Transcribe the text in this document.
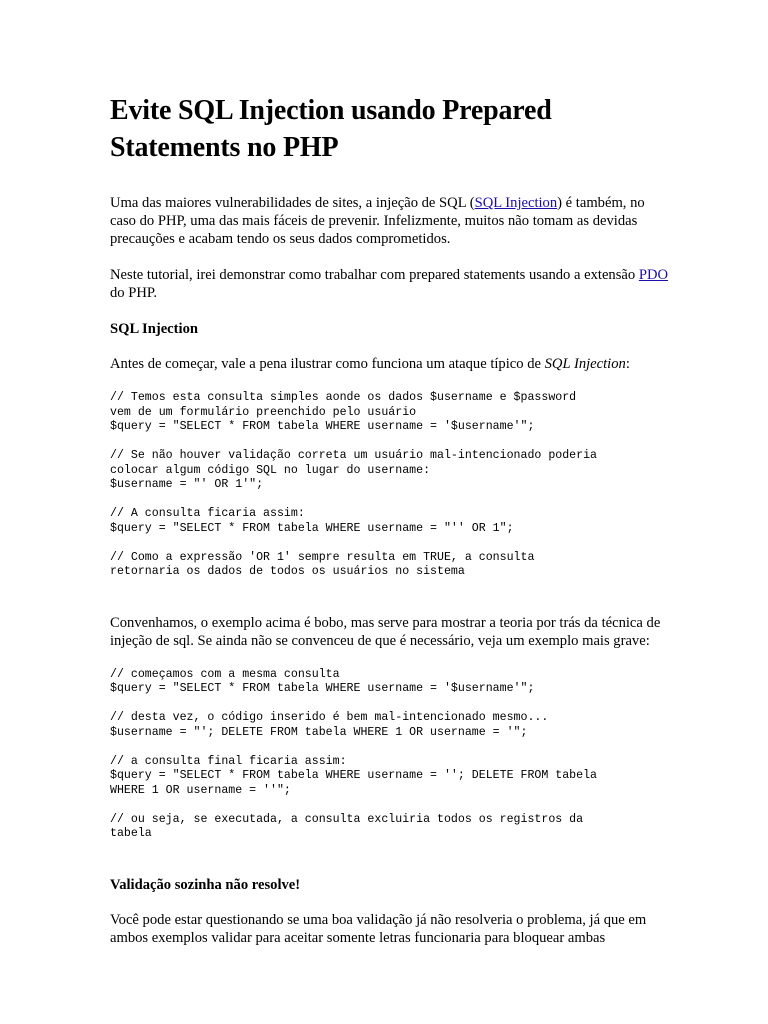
Evite SQL Injection usando Prepared Statements no PHP

Uma das maiores vulnerabilidades de sites, a injeção de SQL (SQL Injection) é também, no caso do PHP, uma das mais fáceis de prevenir. Infelizmente, muitos não tomam as devidas precauções e acabam tendo os seus dados comprometidos.

Neste tutorial, irei demonstrar como trabalhar com prepared statements usando a extensão PDO do PHP.

SQL Injection

Antes de começar, vale a pena ilustrar como funciona um ataque típico de SQL Injection:

// Temos esta consulta simples aonde os dados $username e $password
vem de um formulário preenchido pelo usuário
$query = "SELECT * FROM tabela WHERE username = '$username'";
// Se não houver validação correta um usuário mal-intencionado poderia
colocar algum código SQL no lugar do username:
$username = "' OR 1'";
// A consulta ficaria assim:
$query = "SELECT * FROM tabela WHERE username = "'' OR 1";
// Como a expressão 'OR 1' sempre resulta em TRUE, a consulta
retornaria os dados de todos os usuários no sistema

Convenhamos, o exemplo acima é bobo, mas serve para mostrar a teoria por trás da técnica de injeção de sql. Se ainda não se convenceu de que é necessário, veja um exemplo mais grave:

// começamos com a mesma consulta
$query = "SELECT * FROM tabela WHERE username = '$username'";
// desta vez, o código inserido é bem mal-intencionado mesmo...
$username = "'; DELETE FROM tabela WHERE 1 OR username = '";
// a consulta final ficaria assim:
$query = "SELECT * FROM tabela WHERE username = ''; DELETE FROM tabela
WHERE 1 OR username = ''";
// ou seja, se executada, a consulta excluiria todos os registros da
tabela
Validação sozinha não resolve!

Você pode estar questionando se uma boa validação já não resolveria o problema, já que em ambos exemplos validar para aceitar somente letras funcionaria para bloquear ambas
